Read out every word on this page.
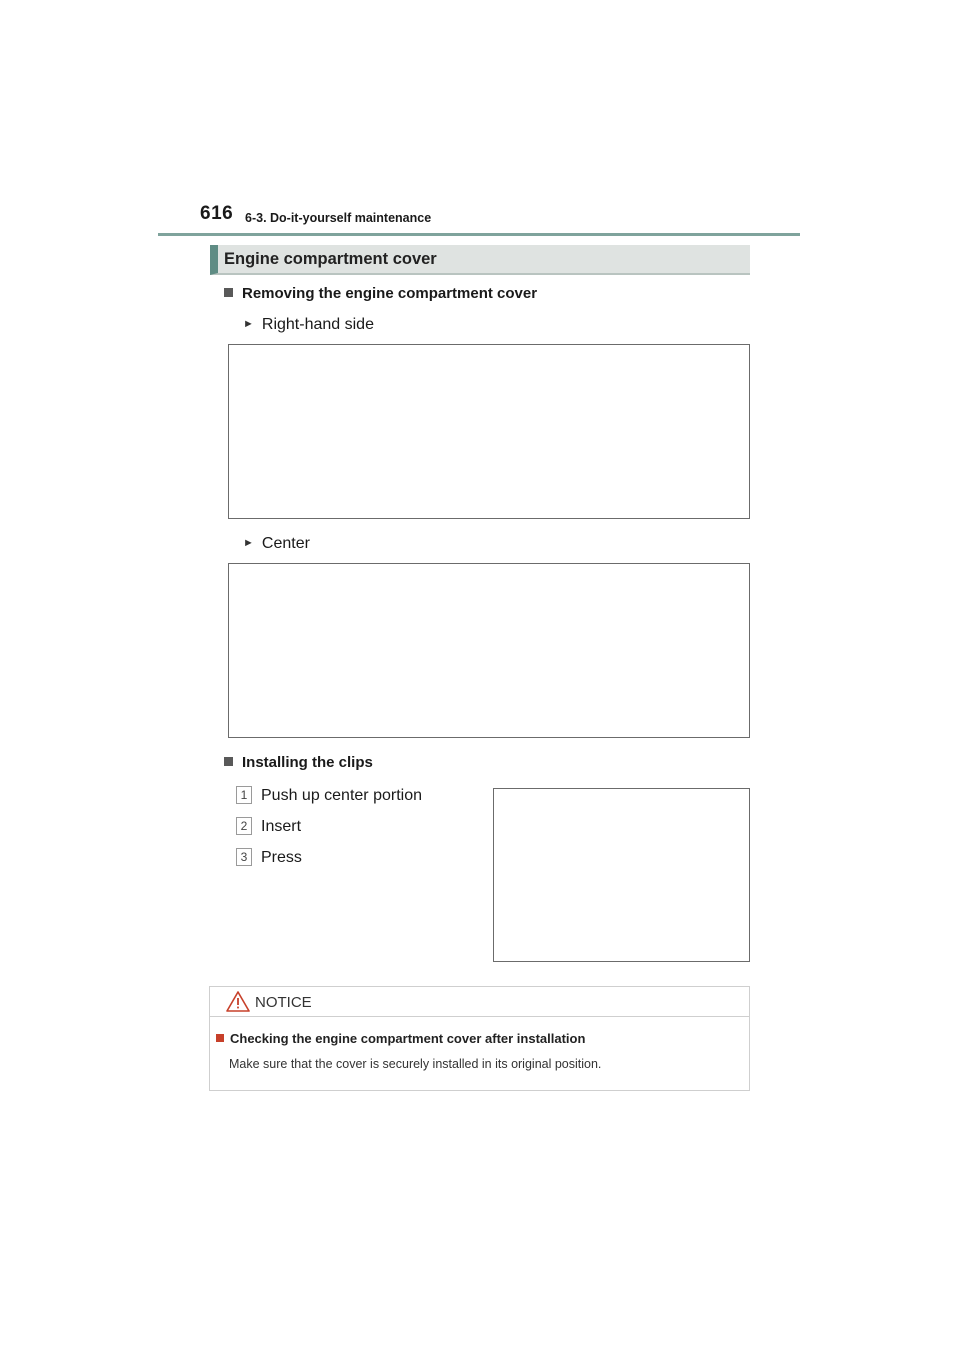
616 6-3. Do-it-yourself maintenance
Engine compartment cover
Removing the engine compartment cover
► Right-hand side
► Center
Installing the clips
1 Push up center portion
2 Insert
3 Press
NOTICE
Checking the engine compartment cover after installation
Make sure that the cover is securely installed in its original position.
